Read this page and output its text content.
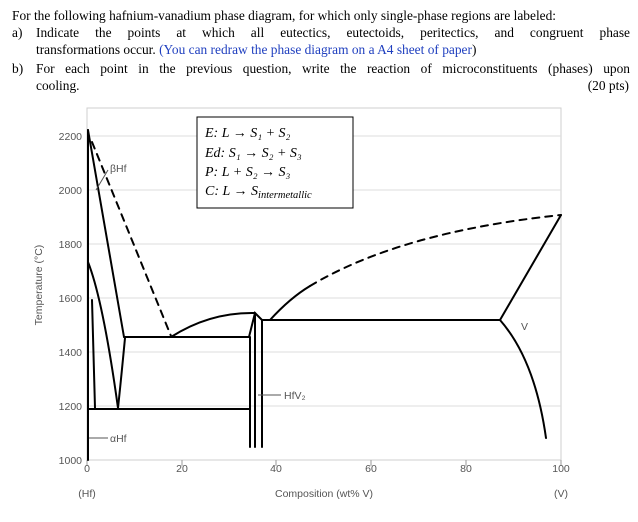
For the following hafnium-vanadium phase diagram, for which only single-phase regions are labeled:
a) Indicate the points at which all eutectics, eutectoids, peritectics, and congruent phase
transformations occur. (You can redraw the phase diagram on a A4 sheet of paper)
b) For each point in the previous question, write the reaction of microconstituents (phases) upon
cooling.	(20 pts)
2200
2000
1800
1600
1400
1200
1000
0	20	40	60	80	100
Temperature (°C)
Composition (wt% V)
(Hf)	(V)
βHf
αHf
V
HfV₂
E: L → S₁ + S₂
Ed: S₁ → S₂ + S₃
P: L + S₂ → S₃
C: $L \to S_{intermetallic}$
